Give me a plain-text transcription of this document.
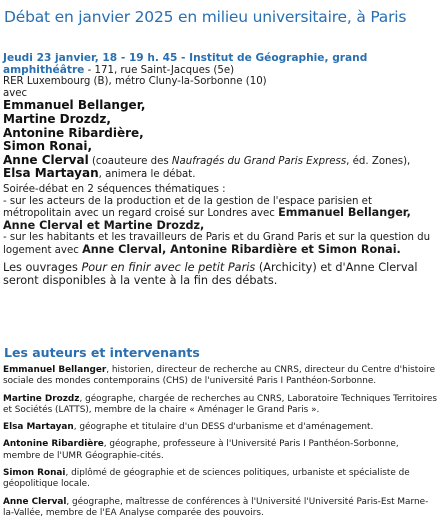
Débat en janvier 2025 en milieu universitaire, à Paris
Jeudi 23 janvier, 18 - 19 h. 45 - Institut de Géographie, grand amphithéâtre - 171, rue Saint-Jacques (5e)
RER Luxembourg (B), métro Cluny-la-Sorbonne (10)
avec
Emmanuel Bellanger,
Martine Drozdz,
Antonine Ribardière,
Simon Ronai,
Anne Clerval (coauteure des Naufragés du Grand Paris Express, éd. Zones),
Elsa Martayan, animera le débat.
Soirée-débat en 2 séquences thématiques :
- sur les acteurs de la production et de la gestion de l'espace parisien et métropolitain avec un regard croisé sur Londres avec Emmanuel Bellanger, Anne Clerval et Martine Drozdz,
- sur les habitants et les travailleurs de Paris et du Grand Paris et sur la question du logement avec Anne Clerval, Antonine Ribardière et Simon Ronai.
Les ouvrages Pour en finir avec le petit Paris (Archicity) et d'Anne Clerval seront disponibles à la vente à la fin des débats.
Les auteurs et intervenants

Emmanuel Bellanger, historien, directeur de recherche au CNRS, directeur du Centre d'histoire sociale des mondes contemporains (CHS) de l'université Paris I Panthéon-Sorbonne.

Martine Drozdz, géographe, chargée de recherches au CNRS, Laboratoire Techniques Territoires et Sociétés (LATTS), membre de la chaire « Aménager le Grand Paris ».

Elsa Martayan, géographe et titulaire d'un DESS d'urbanisme et d'aménagement.

Antonine Ribardière, géographe, professeure à l'Université Paris I Panthéon-Sorbonne, membre de l'UMR Géographie-cités.

Simon Ronai, diplômé de géographie et de sciences politiques, urbaniste et spécialiste de géopolitique locale.

Anne Clerval, géographe, maîtresse de conférences à l'Université l'Université Paris-Est Marne-la-Vallée, membre de l'EA Analyse comparée des pouvoirs.
